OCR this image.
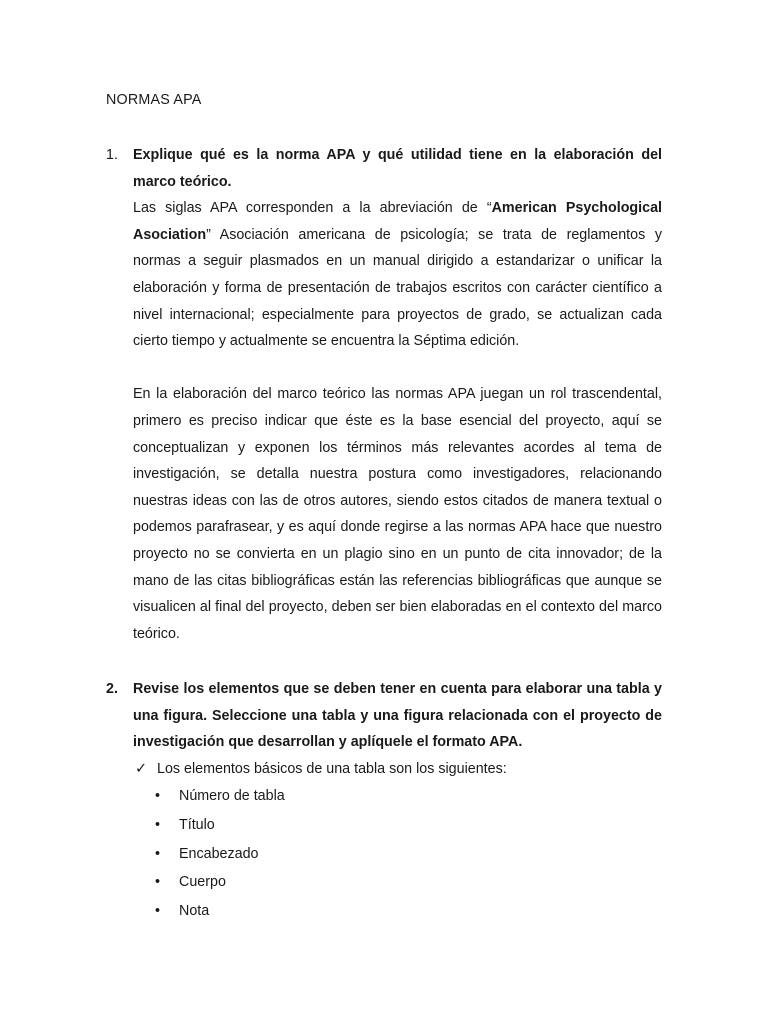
NORMAS APA
1. Explique qué es la norma APA y qué utilidad tiene en la elaboración del marco teórico.

Las siglas APA corresponden a la abreviación de “American Psychological Asociation” Asociación americana de psicología; se trata de reglamentos y normas a seguir plasmados en un manual dirigido a estandarizar o unificar la elaboración y forma de presentación de trabajos escritos con carácter científico a nivel internacional; especialmente para proyectos de grado, se actualizan cada cierto tiempo y actualmente se encuentra la Séptima edición.

En la elaboración del marco teórico las normas APA juegan un rol trascendental, primero es preciso indicar que éste es la base esencial del proyecto, aquí se conceptualizan y exponen los términos más relevantes acordes al tema de investigación, se detalla nuestra postura como investigadores, relacionando nuestras ideas con las de otros autores, siendo estos citados de manera textual o podemos parafrasear, y es aquí donde regirse a las normas APA hace que nuestro proyecto no se convierta en un plagio sino en un punto de cita innovador; de la mano de las citas bibliográficas están las referencias bibliográficas que aunque se visualicen al final del proyecto, deben ser bien elaboradas en el contexto del marco teórico.

2. Revise los elementos que se deben tener en cuenta para elaborar una tabla y una figura. Seleccione una tabla y una figura relacionada con el proyecto de investigación que desarrollan y aplíquele el formato APA.

✓ Los elementos básicos de una tabla son los siguientes:
• Número de tabla
• Título
• Encabezado
• Cuerpo
• Nota
